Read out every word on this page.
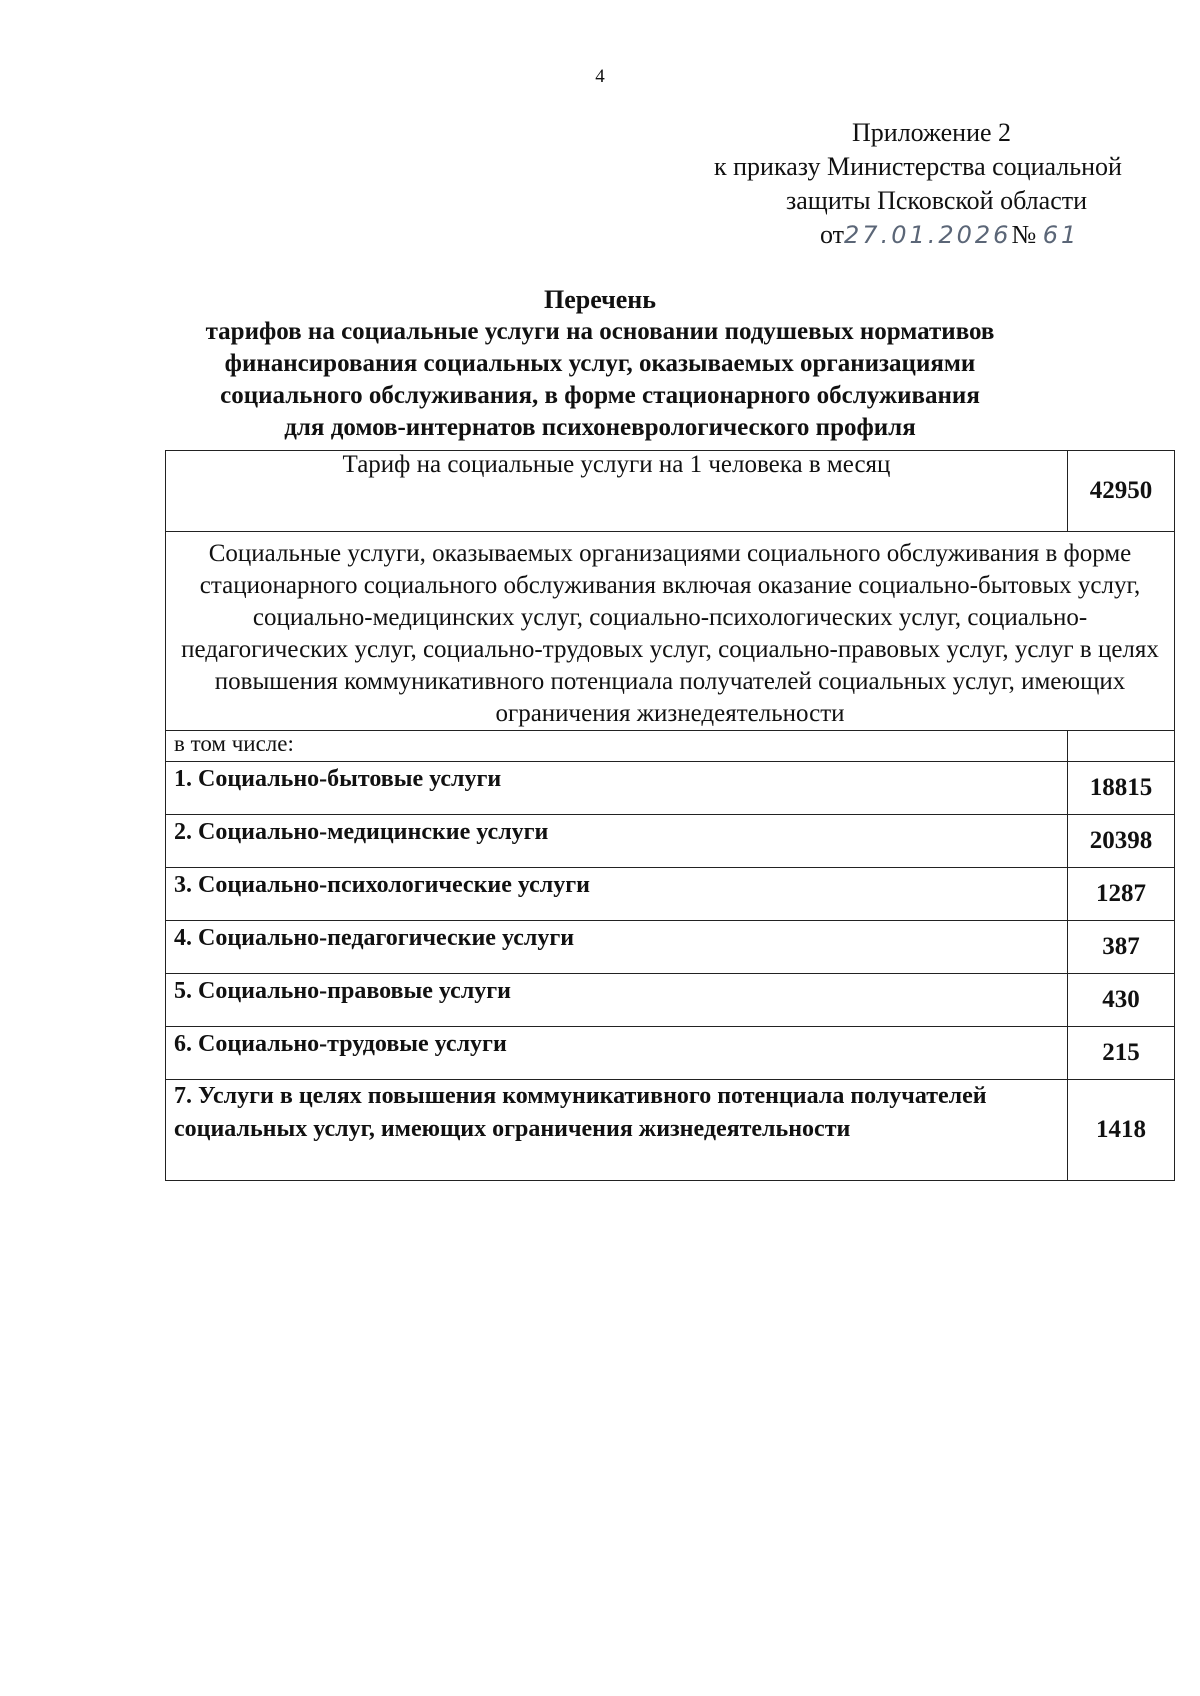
4
Приложение 2
к приказу Министерства социальной
защиты Псковской области
от27.01.2026№ 61
Перечень
тарифов на социальные услуги на основании подушевых нормативов
финансирования социальных услуг, оказываемых организациями
социального обслуживания, в форме стационарного обслуживания
для домов-интернатов психоневрологического профиля
Тариф на социальные услуги на 1 человека в месяц	42950
Социальные услуги, оказываемых организациями социального обслуживания в форме стационарного социального обслуживания включая оказание социально-бытовых услуг, социально-медицинских услуг, социально-психологических услуг, социально-педагогических услуг, социально-трудовых услуг, социально-правовых услуг, услуг в целях повышения коммуникативного потенциала получателей социальных услуг, имеющих ограничения жизнедеятельности	
в том числе:	
1. Социально-бытовые услуги	18815
2. Социально-медицинские услуги	20398
3. Социально-психологические услуги	1287
4. Социально-педагогические услуги	387
5. Социально-правовые услуги	430
6. Социально-трудовые услуги	215
7. Услуги в целях повышения коммуникативного потенциала получателей социальных услуг, имеющих ограничения жизнедеятельности	1418
